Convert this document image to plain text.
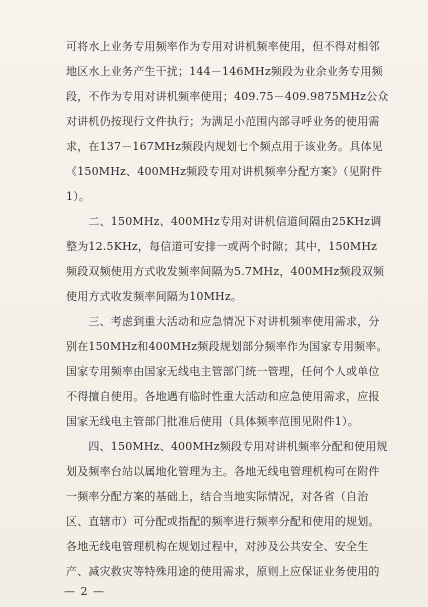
可将水上业务专用频率作为专用对讲机频率使用，但不得对相邻
地区水上业务产生干扰；144－146MHz频段为业余业务专用频
段，不作为专用对讲机频率使用；409.75－409.9875MHz公众
对讲机仍按现行文件执行；为满足小范围内部寻呼业务的使用需
求，在137－167MHz频段内规划七个频点用于该业务。具体见
《150MHz、400MHz频段专用对讲机频率分配方案》（见附件
1）。
　　二、150MHz、400MHz专用对讲机信道间隔由25KHz调
整为12.5KHz，每信道可安排一或两个时隙；其中，150MHz
频段双频使用方式收发频率间隔为5.7MHz，400MHz频段双频
使用方式收发频率间隔为10MHz。
　　三、考虑到重大活动和应急情况下对讲机频率使用需求，分
别在150MHz和400MHz频段规划部分频率作为国家专用频率。
国家专用频率由国家无线电主管部门统一管理，任何个人或单位
不得擅自使用。各地遇有临时性重大活动和应急使用需求，应报
国家无线电主管部门批准后使用（具体频率范围见附件1）。
　　四、150MHz、400MHz频段专用对讲机频率分配和使用规
划及频率台站以属地化管理为主。各地无线电管理机构可在附件
一频率分配方案的基础上，结合当地实际情况，对各省（自治
区、直辖市）可分配或指配的频率进行频率分配和使用的规划。
各地无线电管理机构在规划过程中，对涉及公共安全、安全生
产、减灾救灾等特殊用途的使用需求，原则上应保证业务使用的
— 2 —
